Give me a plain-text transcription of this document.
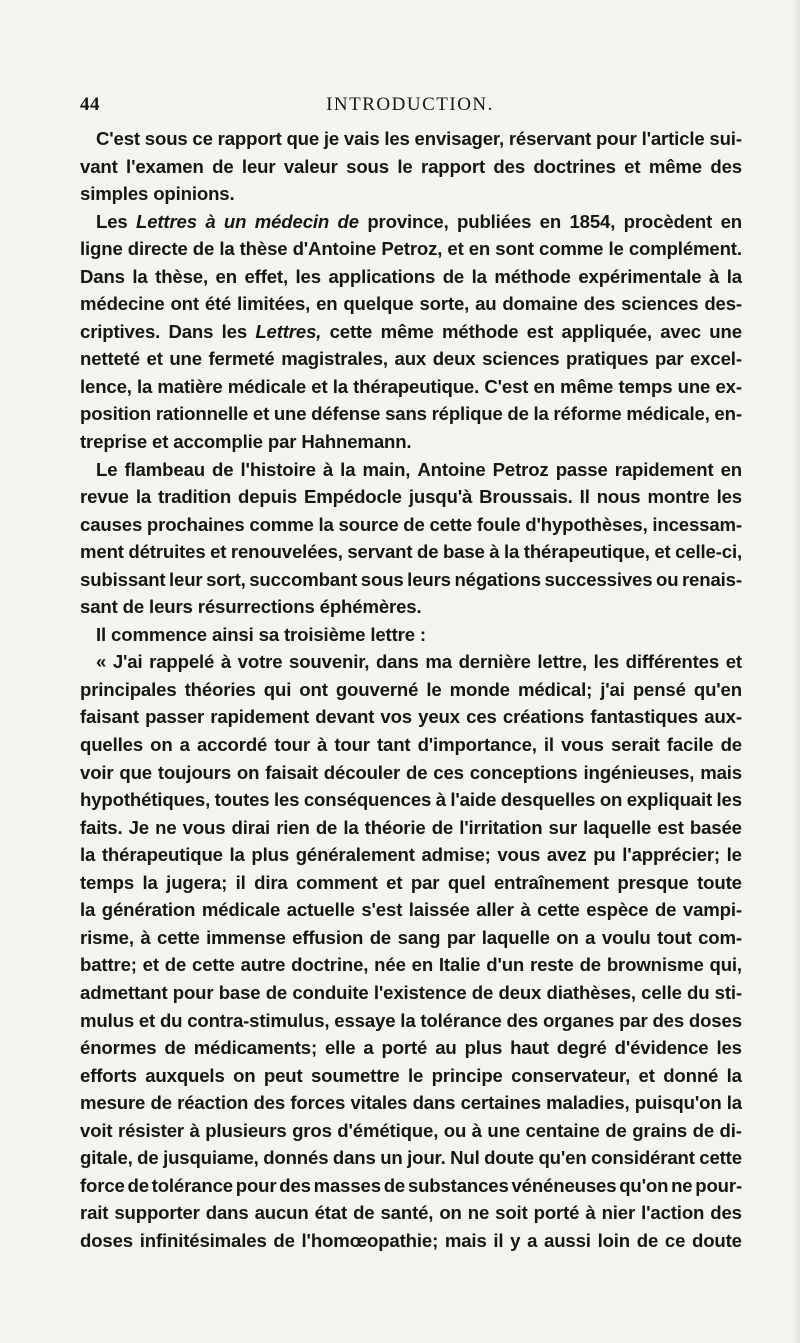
44	INTRODUCTION.
C'est sous ce rapport que je vais les envisager, réservant pour l'article sui-
vant l'examen de leur valeur sous le rapport des doctrines et même des
simples opinions.
Les Lettres à un médecin de province, publiées en 1854, procèdent en
ligne directe de la thèse d'Antoine Petroz, et en sont comme le complément.
Dans la thèse, en effet, les applications de la méthode expérimentale à la
médecine ont été limitées, en quelque sorte, au domaine des sciences des-
criptives. Dans les Lettres, cette même méthode est appliquée, avec une
netteté et une fermeté magistrales, aux deux sciences pratiques par excel-
lence, la matière médicale et la thérapeutique. C'est en même temps une ex-
position rationnelle et une défense sans réplique de la réforme médicale, en-
treprise et accomplie par Hahnemann.
Le flambeau de l'histoire à la main, Antoine Petroz passe rapidement en
revue la tradition depuis Empédocle jusqu'à Broussais. Il nous montre les
causes prochaines comme la source de cette foule d'hypothèses, incessam-
ment détruites et renouvelées, servant de base à la thérapeutique, et celle-ci,
subissant leur sort, succombant sous leurs négations successives ou renais-
sant de leurs résurrections éphémères.
Il commence ainsi sa troisième lettre :
« J'ai rappelé à votre souvenir, dans ma dernière lettre, les différentes et
principales théories qui ont gouverné le monde médical; j'ai pensé qu'en
faisant passer rapidement devant vos yeux ces créations fantastiques aux-
quelles on a accordé tour à tour tant d'importance, il vous serait facile de
voir que toujours on faisait découler de ces conceptions ingénieuses, mais
hypothétiques, toutes les conséquences à l'aide desquelles on expliquait les
faits. Je ne vous dirai rien de la théorie de l'irritation sur laquelle est basée
la thérapeutique la plus généralement admise; vous avez pu l'apprécier; le
temps la jugera; il dira comment et par quel entraînement presque toute
la génération médicale actuelle s'est laissée aller à cette espèce de vampi-
risme, à cette immense effusion de sang par laquelle on a voulu tout com-
battre; et de cette autre doctrine, née en Italie d'un reste de brownisme qui,
admettant pour base de conduite l'existence de deux diathèses, celle du sti-
mulus et du contra-stimulus, essaye la tolérance des organes par des doses
énormes de médicaments; elle a porté au plus haut degré d'évidence les
efforts auxquels on peut soumettre le principe conservateur, et donné la
mesure de réaction des forces vitales dans certaines maladies, puisqu'on la
voit résister à plusieurs gros d'émétique, ou à une centaine de grains de di-
gitale, de jusquiame, donnés dans un jour. Nul doute qu'en considérant cette
force de tolérance pour des masses de substances vénéneuses qu'on ne pour-
rait supporter dans aucun état de santé, on ne soit porté à nier l'action des
doses infinitésimales de l'homœopathie; mais il y a aussi loin de ce doute
